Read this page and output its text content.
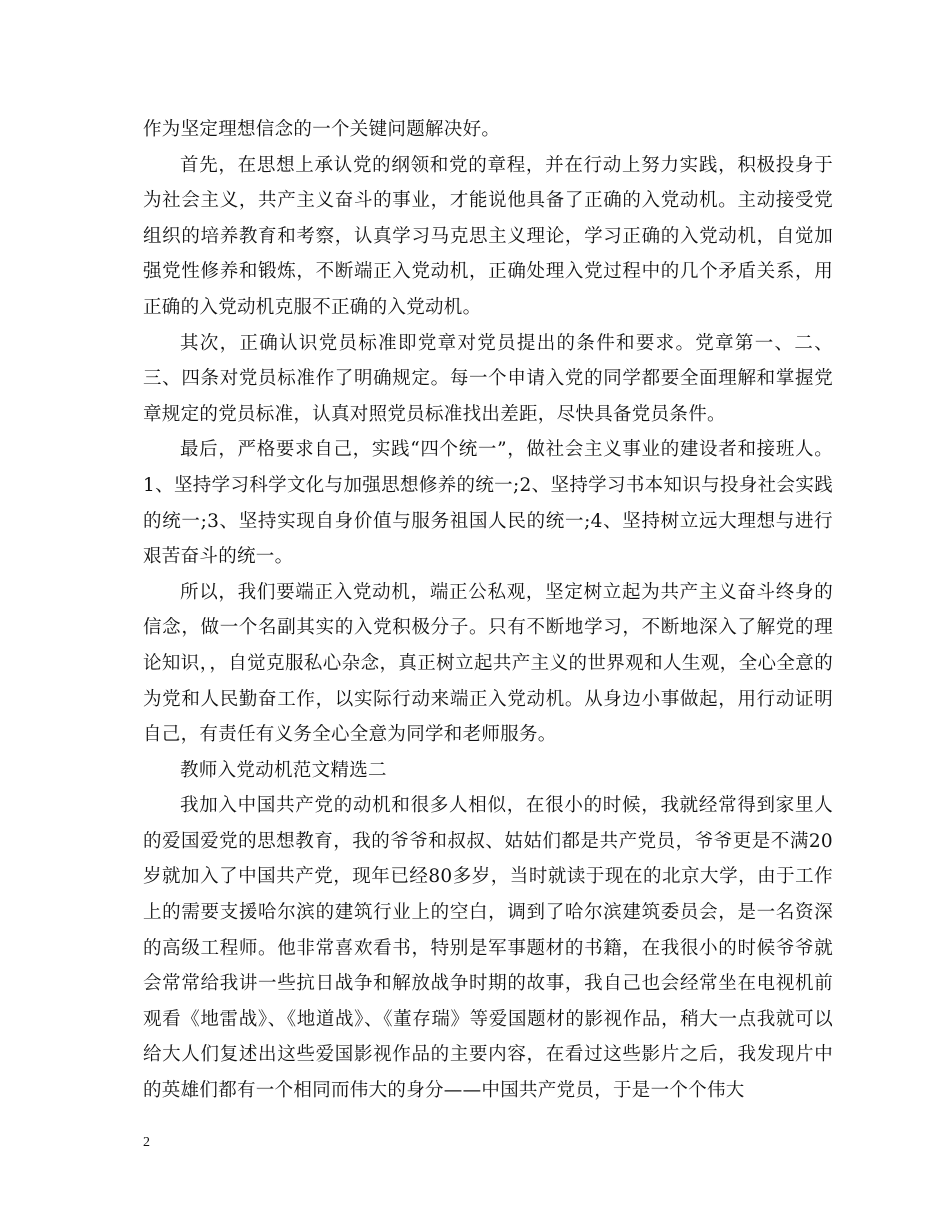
作为坚定理想信念的一个关键问题解决好。

首先，在思想上承认党的纲领和党的章程，并在行动上努力实践，积极投身于为社会主义，共产主义奋斗的事业，才能说他具备了正确的入党动机。主动接受党组织的培养教育和考察，认真学习马克思主义理论，学习正确的入党动机，自觉加强党性修养和锻炼，不断端正入党动机，正确处理入党过程中的几个矛盾关系，用正确的入党动机克服不正确的入党动机。

其次，正确认识党员标准即党章对党员提出的条件和要求。党章第一、二、三、四条对党员标准作了明确规定。每一个申请入党的同学都要全面理解和掌握党章规定的党员标准，认真对照党员标准找出差距，尽快具备党员条件。

最后，严格要求自己，实践“四个统一”，做社会主义事业的建设者和接班人。1、坚持学习科学文化与加强思想修养的统一;2、坚持学习书本知识与投身社会实践的统一;3、坚持实现自身价值与服务祖国人民的统一;4、坚持树立远大理想与进行艰苦奋斗的统一。

所以，我们要端正入党动机，端正公私观，坚定树立起为共产主义奋斗终身的信念，做一个名副其实的入党积极分子。只有不断地学习，不断地深入了解党的理论知识，，自觉克服私心杂念，真正树立起共产主义的世界观和人生观，全心全意的为党和人民勤奋工作，以实际行动来端正入党动机。从身边小事做起，用行动证明自己，有责任有义务全心全意为同学和老师服务。

教师入党动机范文精选二

我加入中国共产党的动机和很多人相似，在很小的时候，我就经常得到家里人的爱国爱党的思想教育，我的爷爷和叔叔、姑姑们都是共产党员，爷爷更是不满20岁就加入了中国共产党，现年已经80多岁，当时就读于现在的北京大学，由于工作上的需要支援哈尔滨的建筑行业上的空白，调到了哈尔滨建筑委员会，是一名资深的高级工程师。他非常喜欢看书，特别是军事题材的书籍，在我很小的时候爷爷就会常常给我讲一些抗日战争和解放战争时期的故事，我自己也会经常坐在电视机前观看《地雷战》、《地道战》、《董存瑞》等爱国题材的影视作品，稍大一点我就可以给大人们复述出这些爱国影视作品的主要内容，在看过这些影片之后，我发现片中的英雄们都有一个相同而伟大的身分——中国共产党员，于是一个个伟大

2
